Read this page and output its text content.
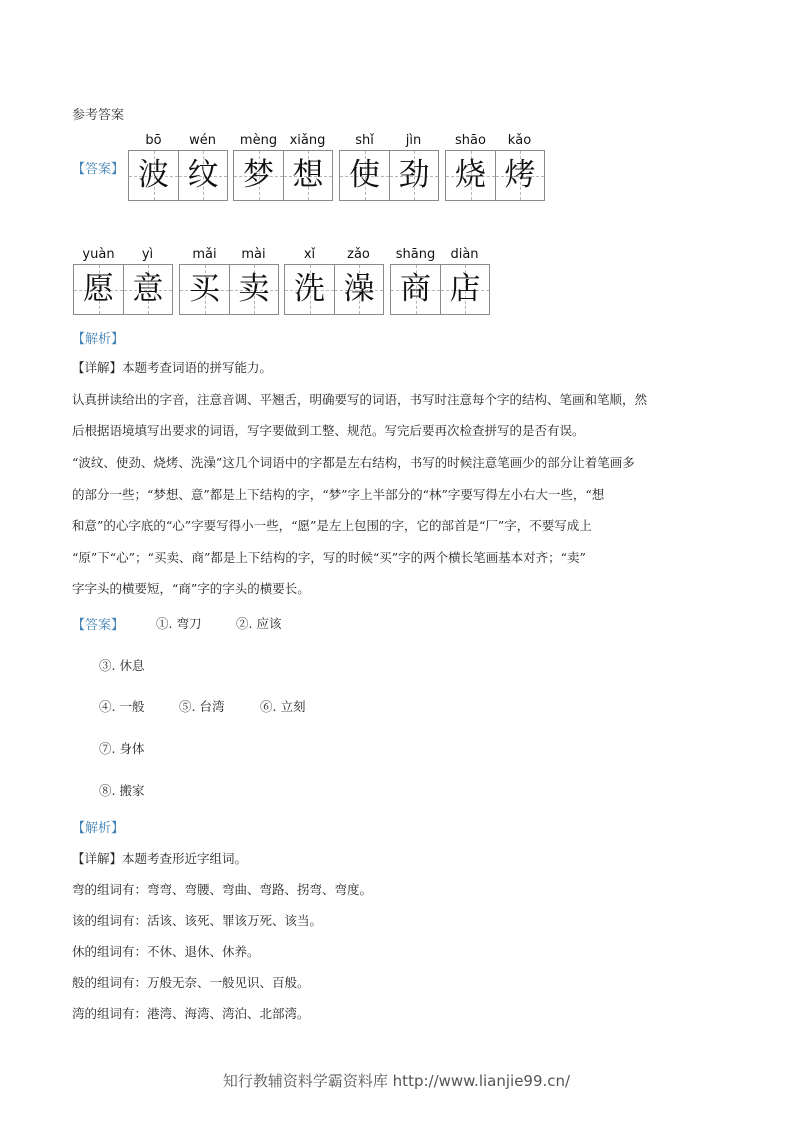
参考答案
【答案】
bō	wén
波 纹
mèng xiǎng
梦 想
shǐ	jìn
使 劲
shāo	kǎo
烧 烤
yuàn	yì
愿 意
mǎi	mài
买 卖
xǐ	zǎo
洗 澡
shāng	diàn
商 店
【解析】
【详解】本题考查词语的拼写能力。
认真拼读给出的字音，注意音调、平翘舌，明确要写的词语，书写时注意每个字的结构、笔画和笔顺，然
后根据语境填写出要求的词语，写字要做到工整、规范。写完后要再次检查拼写的是否有误。
“波纹、使劲、烧烤、洗澡”这几个词语中的字都是左右结构，书写的时候注意笔画少的部分让着笔画多
的部分一些；“梦想、意”都是上下结构的字，“梦”字上半部分的“林”字要写得左小右大一些，“想
和意”的心字底的“心”字要写得小一些，“愿”是左上包围的字，它的部首是“厂”字，不要写成上
“原”下“心”；“买卖、商”都是上下结构的字，写的时候“买”字的两个横长笔画基本对齐；“卖”
字字头的横要短，“商”字的字头的横要长。
【答案】	①. 弯刀	②. 应该
③. 休息
④. 一般	⑤. 台湾	⑥. 立刻
⑦. 身体
⑧. 搬家
【解析】
【详解】本题考查形近字组词。
弯的组词有：弯弯、弯腰、弯曲、弯路、拐弯、弯度。
该的组词有：活该、该死、罪该万死、该当。
休的组词有：不休、退休、休养。
般的组词有：万般无奈、一般见识、百般。
湾的组词有：港湾、海湾、湾泊、北部湾。
知行教辅资料学霸资料库 http://www.lianjie99.cn/
